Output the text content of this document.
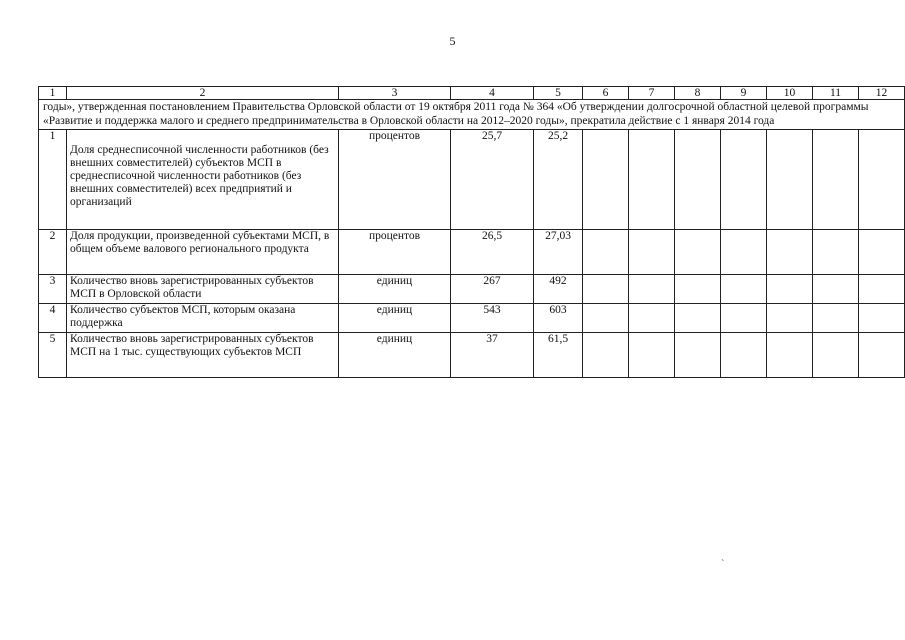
5
1	2	3	4	5	6	7	8	9	10	11	12
годы», утвержденная постановлением Правительства Орловской области от 19 октября 2011 года № 364 «Об утверждении долгосрочной областной целевой программы «Развитие и поддержка малого и среднего предпринимательства в Орловской области на 2012–2020 годы», прекратила действие с 1 января 2014 года											
1	Доля среднесписочной численности работников (без внешних совместителей) субъектов МСП в среднесписочной численности работников (без внешних совместителей) всех предприятий и организаций	процентов	25,7	25,2							
2	Доля продукции, произведенной субъектами МСП, в общем объеме валового регионального продукта	процентов	26,5	27,03							
3	Количество вновь зарегистрированных субъектов МСП в Орловской области	единиц	267	492							
4	Количество субъектов МСП, которым оказана поддержка	единиц	543	603							
5	Количество вновь зарегистрированных субъектов МСП на 1 тыс. существующих субъектов МСП	единиц	37	61,5							
`
